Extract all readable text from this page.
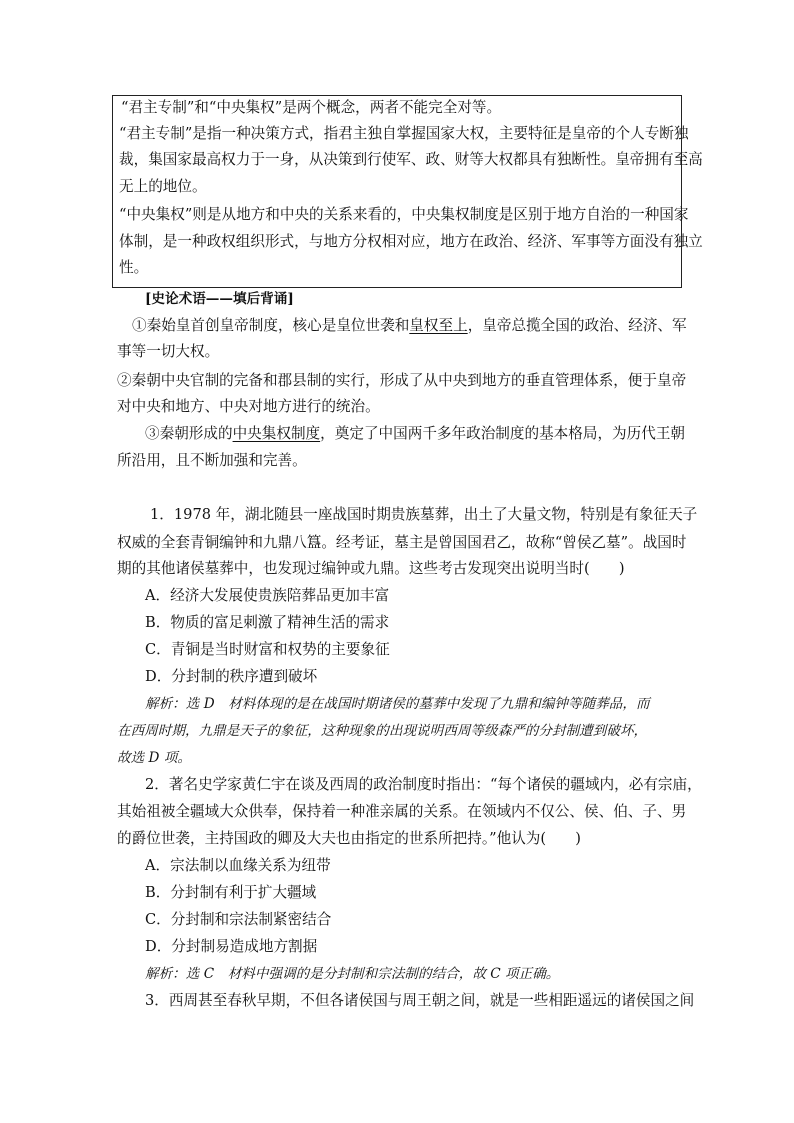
“君主专制”和“中央集权”是两个概念，两者不能完全对等。
“君主专制”是指一种决策方式，指君主独自掌握国家大权，主要特征是皇帝的个人专断独
裁，集国家最高权力于一身，从决策到行使军、政、财等大权都具有独断性。皇帝拥有至高
无上的地位。
“中央集权”则是从地方和中央的关系来看的，中央集权制度是区别于地方自治的一种国家
体制，是一种政权组织形式，与地方分权相对应，地方在政治、经济、军事等方面没有独立
性。
[史论术语——填后背诵]
①秦始皇首创皇帝制度，核心是皇位世袭和皇权至上，皇帝总揽全国的政治、经济、军
事等一切大权。
②秦朝中央官制的完备和郡县制的实行，形成了从中央到地方的垂直管理体系，便于皇帝
对中央和地方、中央对地方进行的统治。
③秦朝形成的中央集权制度，奠定了中国两千多年政治制度的基本格局，为历代王朝
所沿用，且不断加强和完善。
1．1978 年，湖北随县一座战国时期贵族墓葬，出土了大量文物，特别是有象征天子
权威的全套青铜编钟和九鼎八簋。经考证，墓主是曾国国君乙，故称“曾侯乙墓”。战国时
期的其他诸侯墓葬中，也发现过编钟或九鼎。这些考古发现突出说明当时(　　)
A．经济大发展使贵族陪葬品更加丰富
B．物质的富足刺激了精神生活的需求
C．青铜是当时财富和权势的主要象征
D．分封制的秩序遭到破坏
解析：选 D　材料体现的是在战国时期诸侯的墓葬中发现了九鼎和编钟等随葬品，而
在西周时期，九鼎是天子的象征，这种现象的出现说明西周等级森严的分封制遭到破坏，
故选 D 项。
2．著名史学家黄仁宇在谈及西周的政治制度时指出：“每个诸侯的疆域内，必有宗庙，
其始祖被全疆域大众供奉，保持着一种准亲属的关系。在领域内不仅公、侯、伯、子、男
的爵位世袭，主持国政的卿及大夫也由指定的世系所把持。”他认为(　　)
A．宗法制以血缘关系为纽带
B．分封制有利于扩大疆域
C．分封制和宗法制紧密结合
D．分封制易造成地方割据
解析：选 C　材料中强调的是分封制和宗法制的结合，故 C 项正确。
3．西周甚至春秋早期，不但各诸侯国与周王朝之间，就是一些相距遥远的诸侯国之间
